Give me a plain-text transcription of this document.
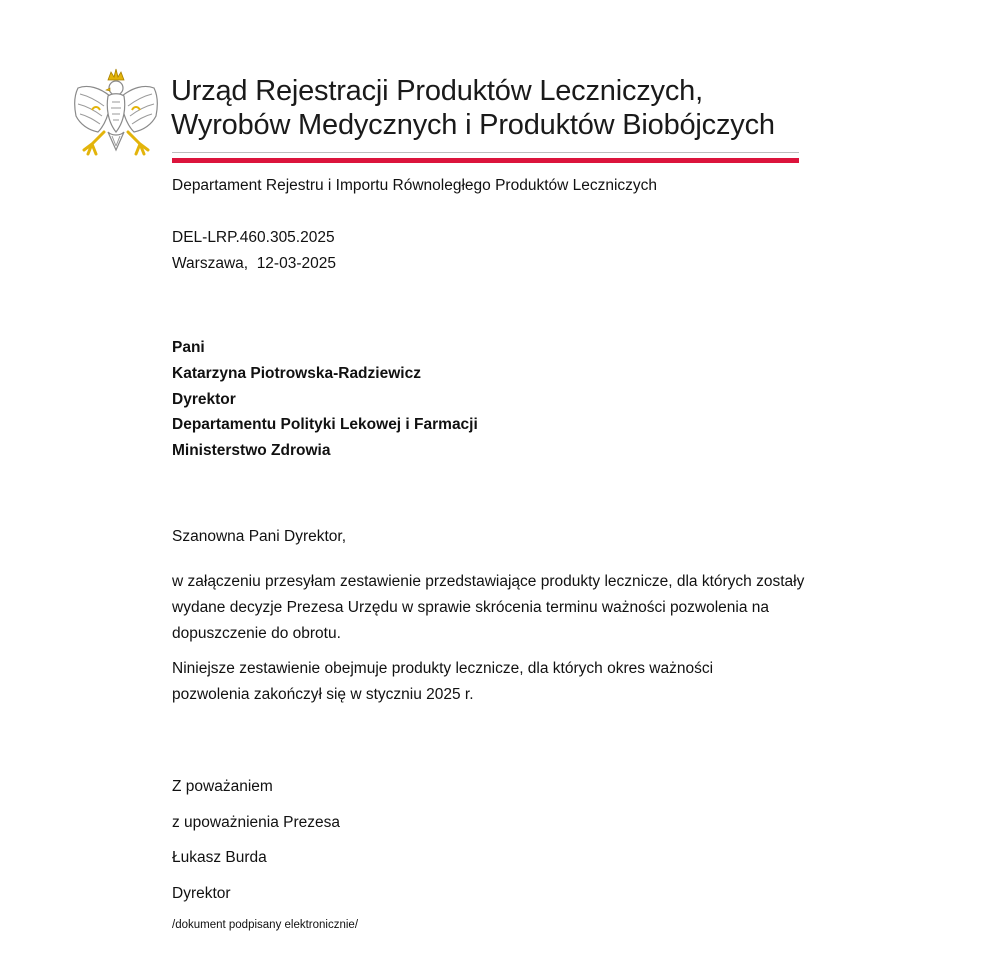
Urząd Rejestracji Produktów Leczniczych,
Wyrobów Medycznych i Produktów Biobójczych
Departament Rejestru i Importu Równoległego Produktów Leczniczych
DEL-LRP.460.305.2025
Warszawa,  12-03-2025
Pani
Katarzyna Piotrowska-Radziewicz
Dyrektor
Departamentu Polityki Lekowej i Farmacji
Ministerstwo Zdrowia
Szanowna Pani Dyrektor,
w załączeniu przesyłam zestawienie przedstawiające produkty lecznicze, dla których zostały wydane decyzje Prezesa Urzędu w sprawie skrócenia terminu ważności pozwolenia na dopuszczenie do obrotu.
Niniejsze zestawienie obejmuje produkty lecznicze, dla których okres ważności pozwolenia zakończył się w styczniu 2025 r.
Z poważaniem
z upoważnienia Prezesa
Łukasz Burda
Dyrektor
/dokument podpisany elektronicznie/
